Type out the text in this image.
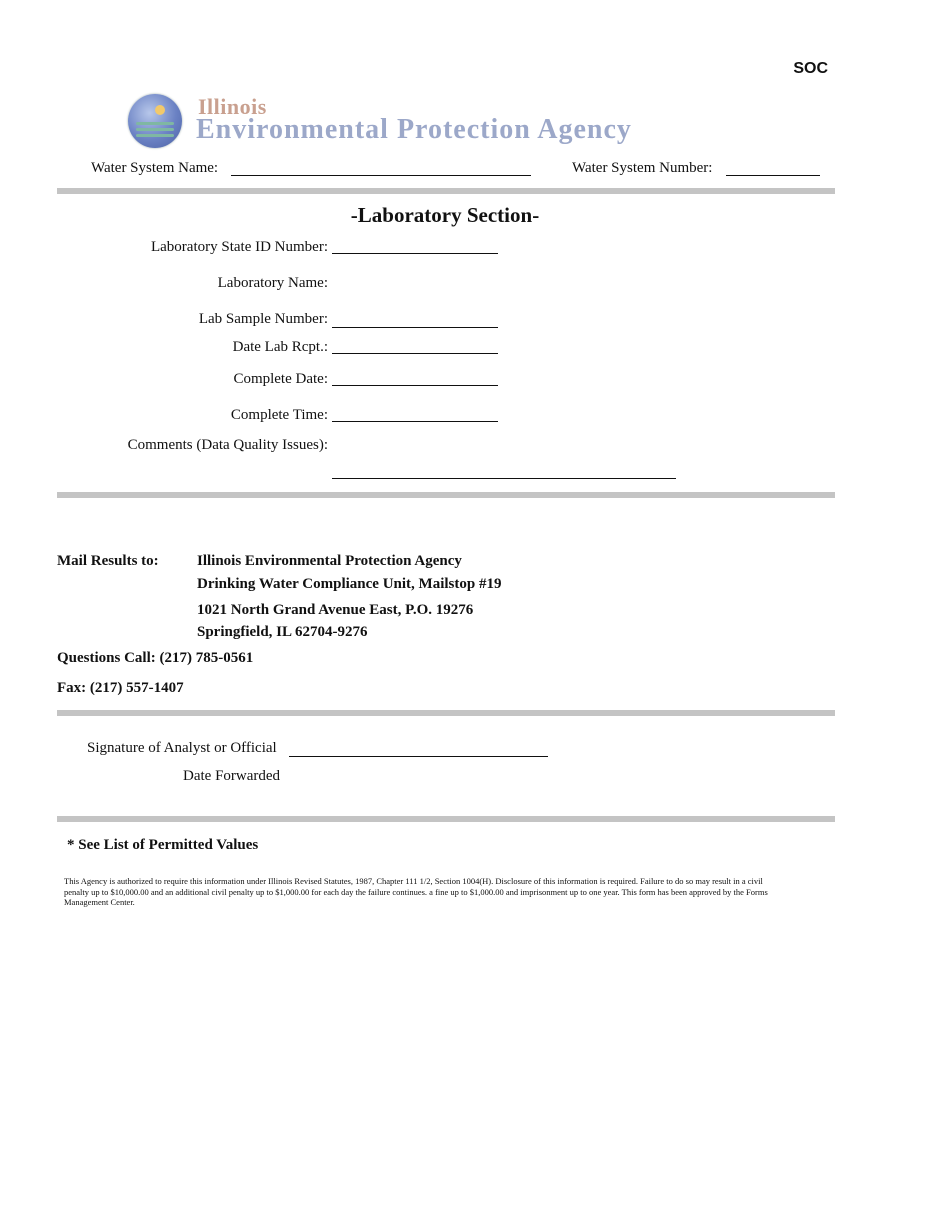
SOC
Illinois
Environmental Protection Agency
Water System Name:	Water System Number:
-Laboratory Section-
Laboratory State ID Number:
Laboratory Name:
Lab Sample Number:
Date Lab Rcpt.:
Complete Date:
Complete Time:
Comments (Data Quality Issues):
Mail Results to:	Illinois Environmental Protection Agency
Drinking Water Compliance Unit, Mailstop #19
1021 North Grand Avenue East, P.O. 19276
Springfield, IL 62704-9276
Questions Call: (217) 785-0561
Fax: (217) 557-1407
Signature of Analyst or Official
Date Forwarded
* See List of Permitted Values
This Agency is authorized to require this information under Illinois Revised Statutes, 1987, Chapter 111 1/2, Section 1004(H). Disclosure of this information is required. Failure to do so may result in a civil penalty up to $10,000.00 and an additional civil penalty up to $1,000.00 for each day the failure continues. a fine up to $1,000.00 and imprisonment up to one year. This form has been approved by the Forms Management Center.
